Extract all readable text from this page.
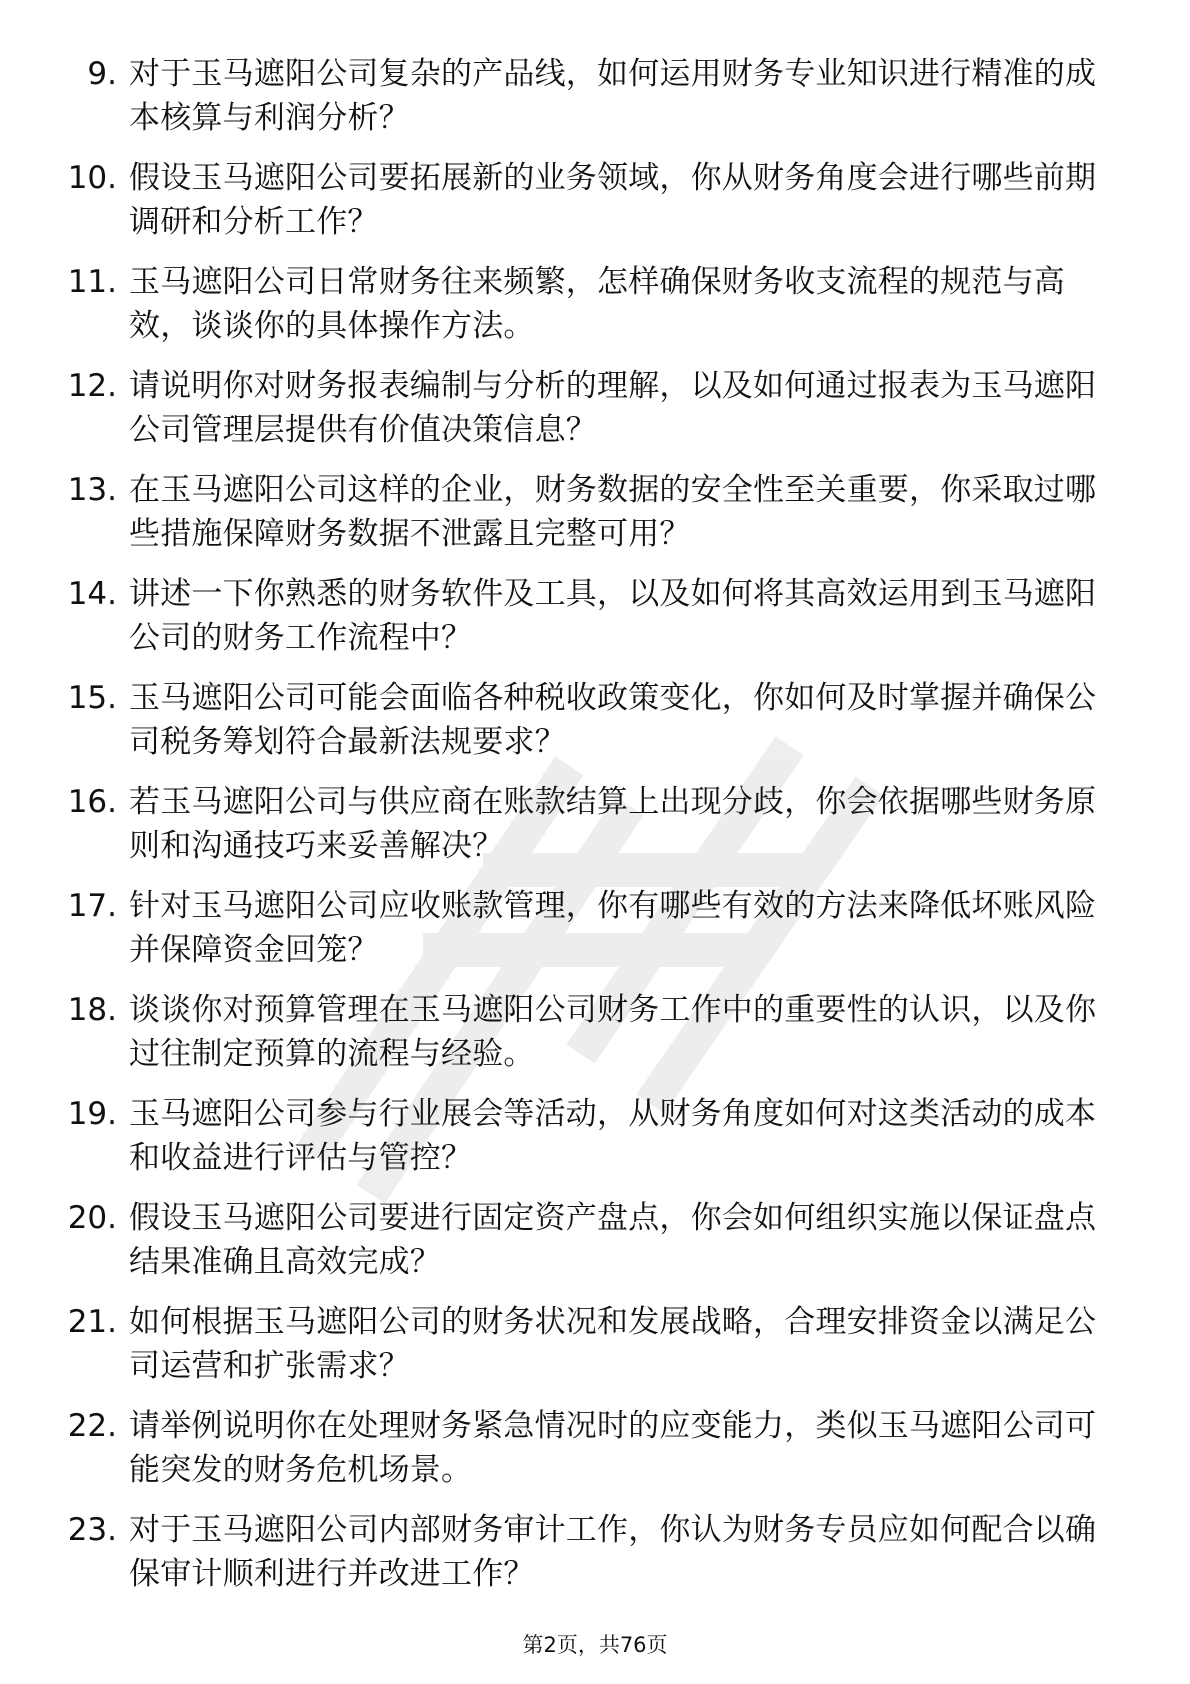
9. 对于玉马遮阳公司复杂的产品线，如何运用财务专业知识进行精准的成本核算与利润分析？
10. 假设玉马遮阳公司要拓展新的业务领域，你从财务角度会进行哪些前期调研和分析工作？
11. 玉马遮阳公司日常财务往来频繁，怎样确保财务收支流程的规范与高效，谈谈你的具体操作方法。
12. 请说明你对财务报表编制与分析的理解，以及如何通过报表为玉马遮阳公司管理层提供有价值决策信息？
13. 在玉马遮阳公司这样的企业，财务数据的安全性至关重要，你采取过哪些措施保障财务数据不泄露且完整可用？
14. 讲述一下你熟悉的财务软件及工具，以及如何将其高效运用到玉马遮阳公司的财务工作流程中？
15. 玉马遮阳公司可能会面临各种税收政策变化，你如何及时掌握并确保公司税务筹划符合最新法规要求？
16. 若玉马遮阳公司与供应商在账款结算上出现分歧，你会依据哪些财务原则和沟通技巧来妥善解决？
17. 针对玉马遮阳公司应收账款管理，你有哪些有效的方法来降低坏账风险并保障资金回笼？
18. 谈谈你对预算管理在玉马遮阳公司财务工作中的重要性的认识，以及你过往制定预算的流程与经验。
19. 玉马遮阳公司参与行业展会等活动，从财务角度如何对这类活动的成本和收益进行评估与管控？
20. 假设玉马遮阳公司要进行固定资产盘点，你会如何组织实施以保证盘点结果准确且高效完成？
21. 如何根据玉马遮阳公司的财务状况和发展战略，合理安排资金以满足公司运营和扩张需求？
22. 请举例说明你在处理财务紧急情况时的应变能力，类似玉马遮阳公司可能突发的财务危机场景。
23. 对于玉马遮阳公司内部财务审计工作，你认为财务专员应如何配合以确保审计顺利进行并改进工作？
第2页，共76页
